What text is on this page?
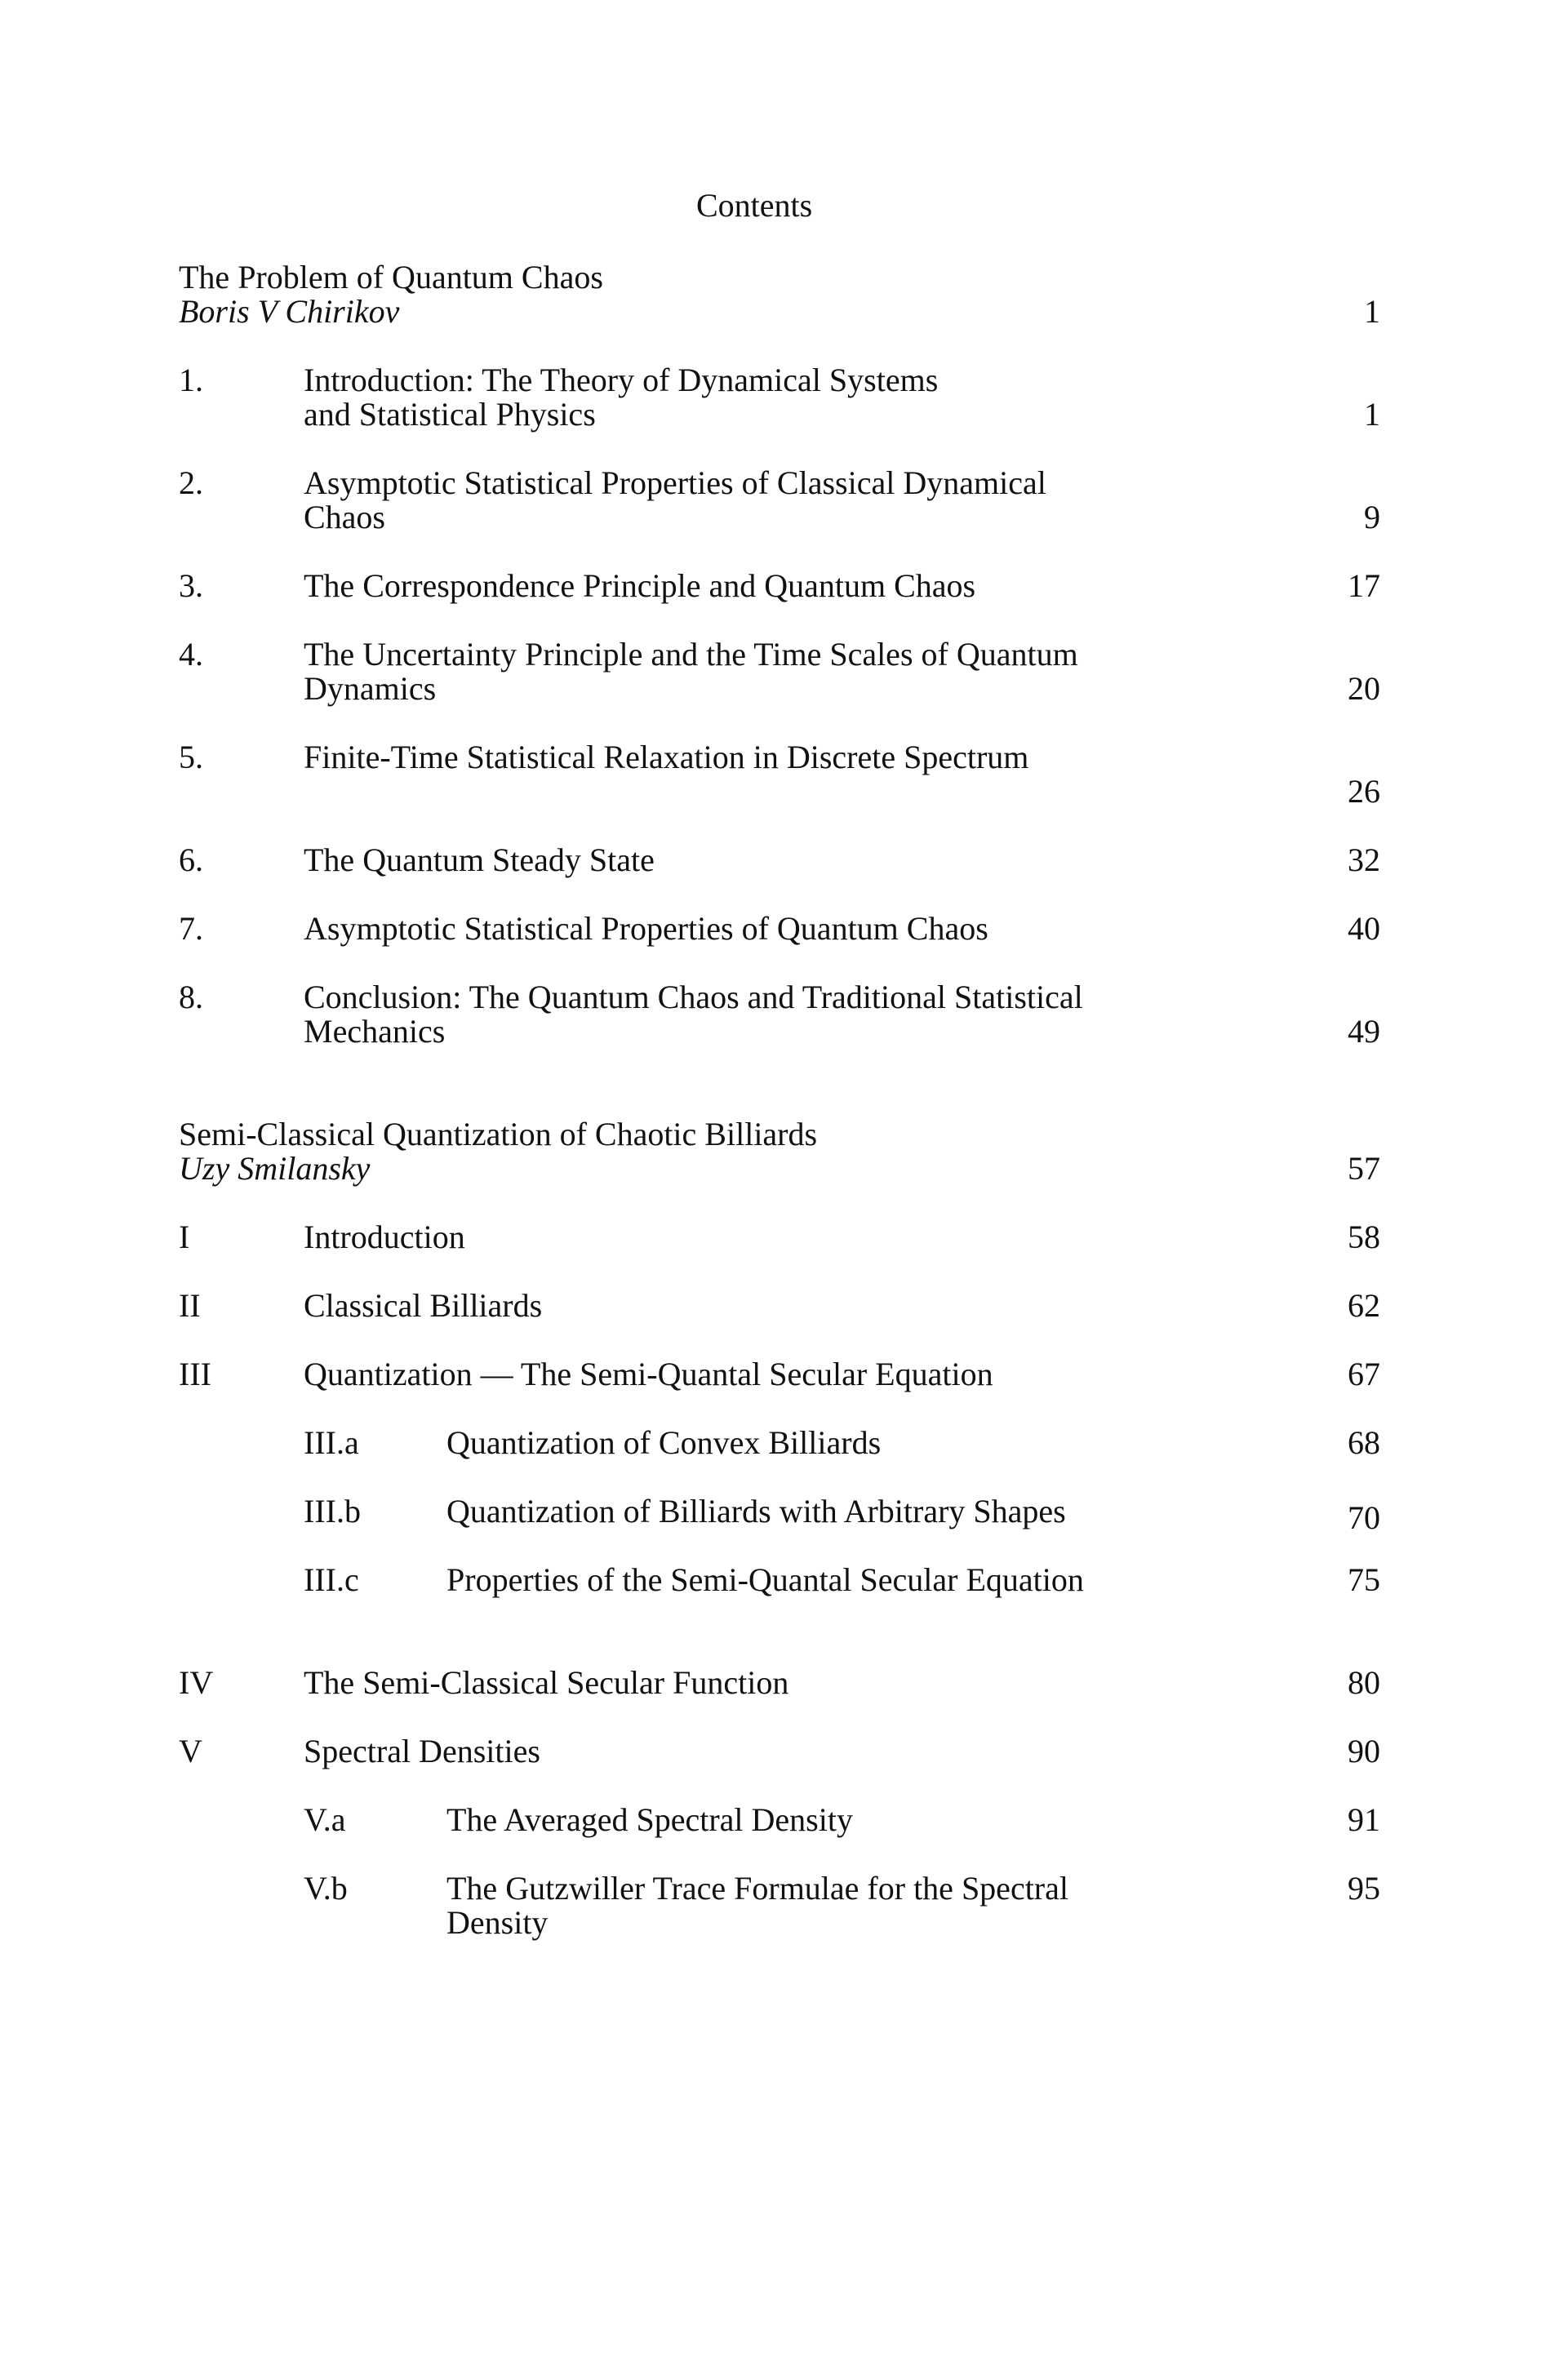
Contents
The Problem of Quantum Chaos
Boris V Chirikov	1
1.	Introduction: The Theory of Dynamical Systems
and Statistical Physics	1
2.	Asymptotic Statistical Properties of Classical Dynamical
Chaos	9
3.	The Correspondence Principle and Quantum Chaos	17
4.	The Uncertainty Principle and the Time Scales of Quantum
Dynamics	20
5.	Finite-Time Statistical Relaxation in Discrete Spectrum
26
6.	The Quantum Steady State	32
7.	Asymptotic Statistical Properties of Quantum Chaos	40
8.	Conclusion: The Quantum Chaos and Traditional Statistical
Mechanics	49
Semi-Classical Quantization of Chaotic Billiards
Uzy Smilansky	57
I	Introduction	58
II	Classical Billiards	62
III	Quantization — The Semi-Quantal Secular Equation	67
III.a	Quantization of Convex Billiards	68
III.b	Quantization of Billiards with Arbitrary Shapes	70
III.c	Properties of the Semi-Quantal Secular Equation	75
IV	The Semi-Classical Secular Function	80
V	Spectral Densities	90
V.a	The Averaged Spectral Density	91
V.b	The Gutzwiller Trace Formulae for the Spectral
Density
95
